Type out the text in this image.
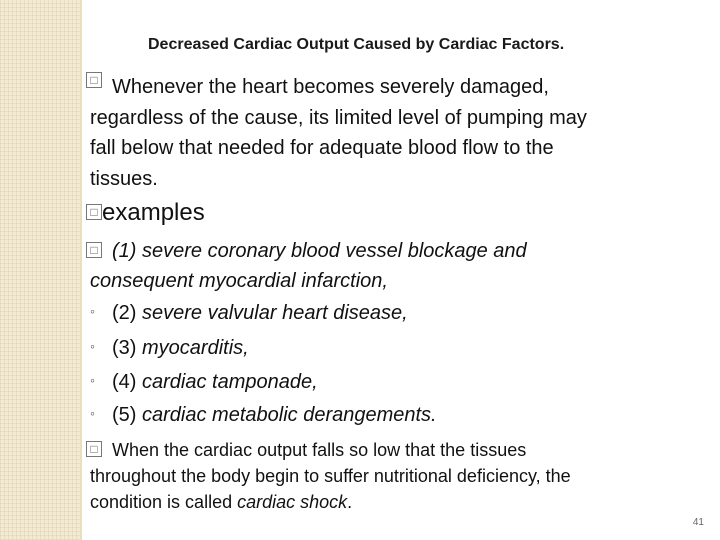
Decreased Cardiac Output Caused by Cardiac Factors.
□ Whenever the heart becomes severely damaged,
regardless of the cause, its limited level of pumping may
fall below that needed for adequate blood flow to the
tissues.
□ examples
□ (1) severe coronary blood vessel blockage and
consequent myocardial infarction,
◦ (2) severe valvular heart disease,
◦ (3) myocarditis,
◦ (4) cardiac tamponade,
◦ (5) cardiac metabolic derangements.
□ When the cardiac output falls so low that the tissues
throughout the body begin to suffer nutritional deficiency, the
condition is called cardiac shock.
41
